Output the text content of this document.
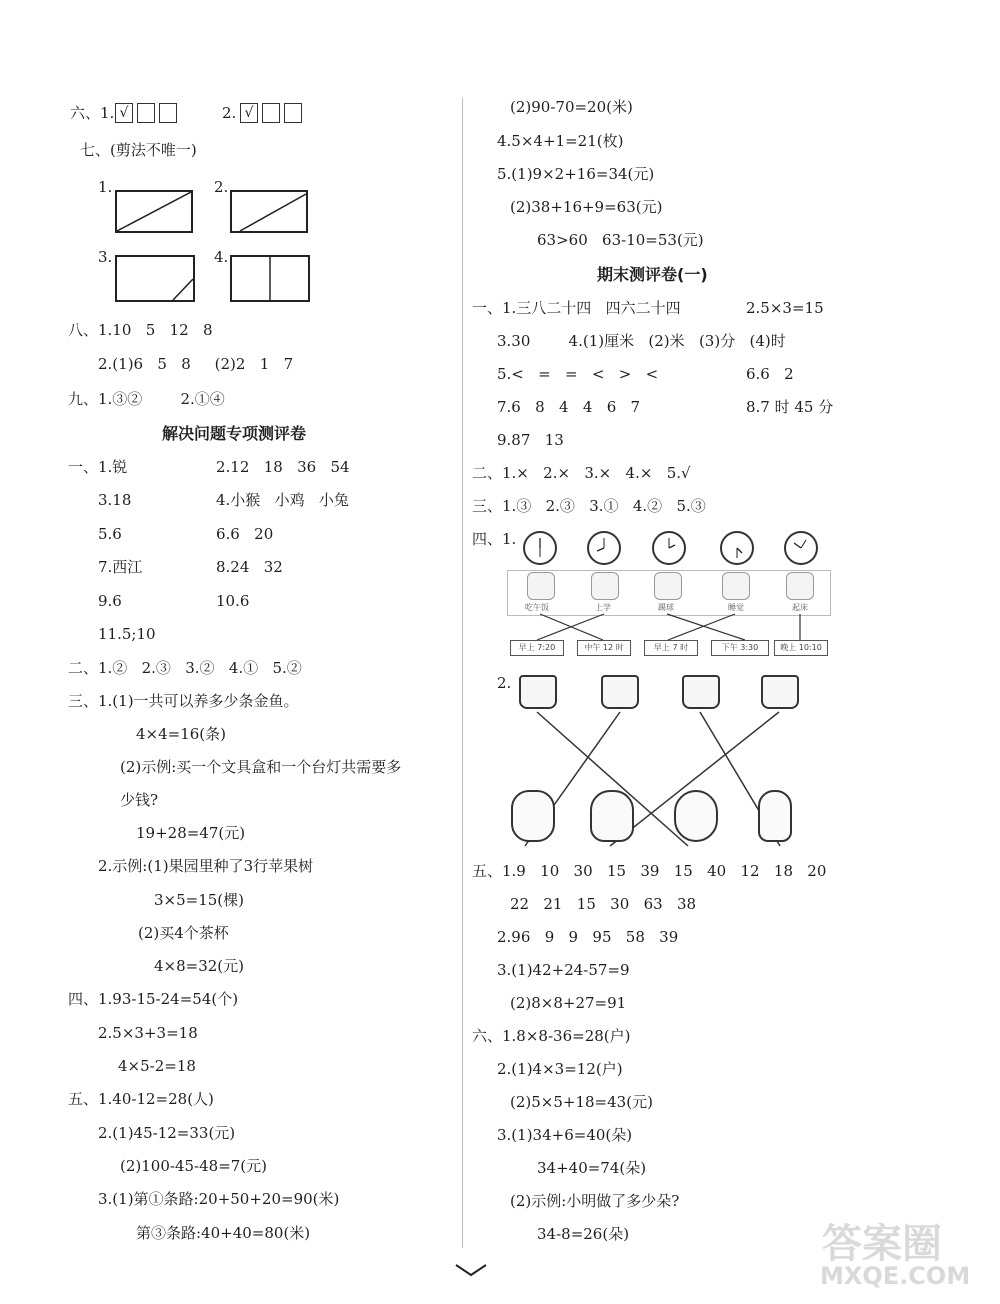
六、1. √	2. √
七、(剪法不唯一)
1.	2.
3.	4.
八、1.10   5   12   8
2.(1)6   5   8     (2)2   1   7
九、1.③②        2.①④
解决问题专项测评卷
一、1.锐	2.12   18   36   54
3.18	4.小猴   小鸡   小兔
5.6	6.6   20
7.西江	8.24   32
9.6	10.6
11.5;10
二、1.②   2.③   3.②   4.①   5.②
三、1.(1)一共可以养多少条金鱼。
4×4=16(条)
(2)示例:买一个文具盒和一个台灯共需要多
少钱?
19+28=47(元)
2.示例:(1)果园里种了3行苹果树
3×5=15(棵)
(2)买4个茶杯
4×8=32(元)
四、1.93-15-24=54(个)
2.5×3+3=18
4×5-2=18
五、1.40-12=28(人)
2.(1)45-12=33(元)
(2)100-45-48=7(元)
3.(1)第①条路:20+50+20=90(米)
第③条路:40+40=80(米)
(2)90-70=20(米)
4.5×4+1=21(枚)
5.(1)9×2+16=34(元)
(2)38+16+9=63(元)
63>60   63-10=53(元)
期末测评卷(一)
一、1.三八二十四   四六二十四	2.5×3=15
3.30        4.(1)厘米   (2)米   (3)分   (4)时
5.<   =   =   <   >   <	6.6   2
7.6   8   4   4   6   7	8.7 时 45 分
9.87   13
二、1.×   2.×   3.×   4.×   5.√
三、1.③   2.③   3.①   4.②   5.③
四、1.
吃午饭	上学	踢球	睡觉	起床
早上 7:20	中午 12 时	早上 7 时	下午 3:30	晚上 10:10
2.
五、1.9   10   30   15   39   15   40   12   18   20
22   21   15   30   63   38
2.96   9   9   95   58   39
3.(1)42+24-57=9
(2)8×8+27=91
六、1.8×8-36=28(户)
2.(1)4×3=12(户)
(2)5×5+18=43(元)
3.(1)34+6=40(朵)
34+40=74(朵)
(2)示例:小明做了多少朵?
34-8=26(朵)	答案圈
MXQE.COM
